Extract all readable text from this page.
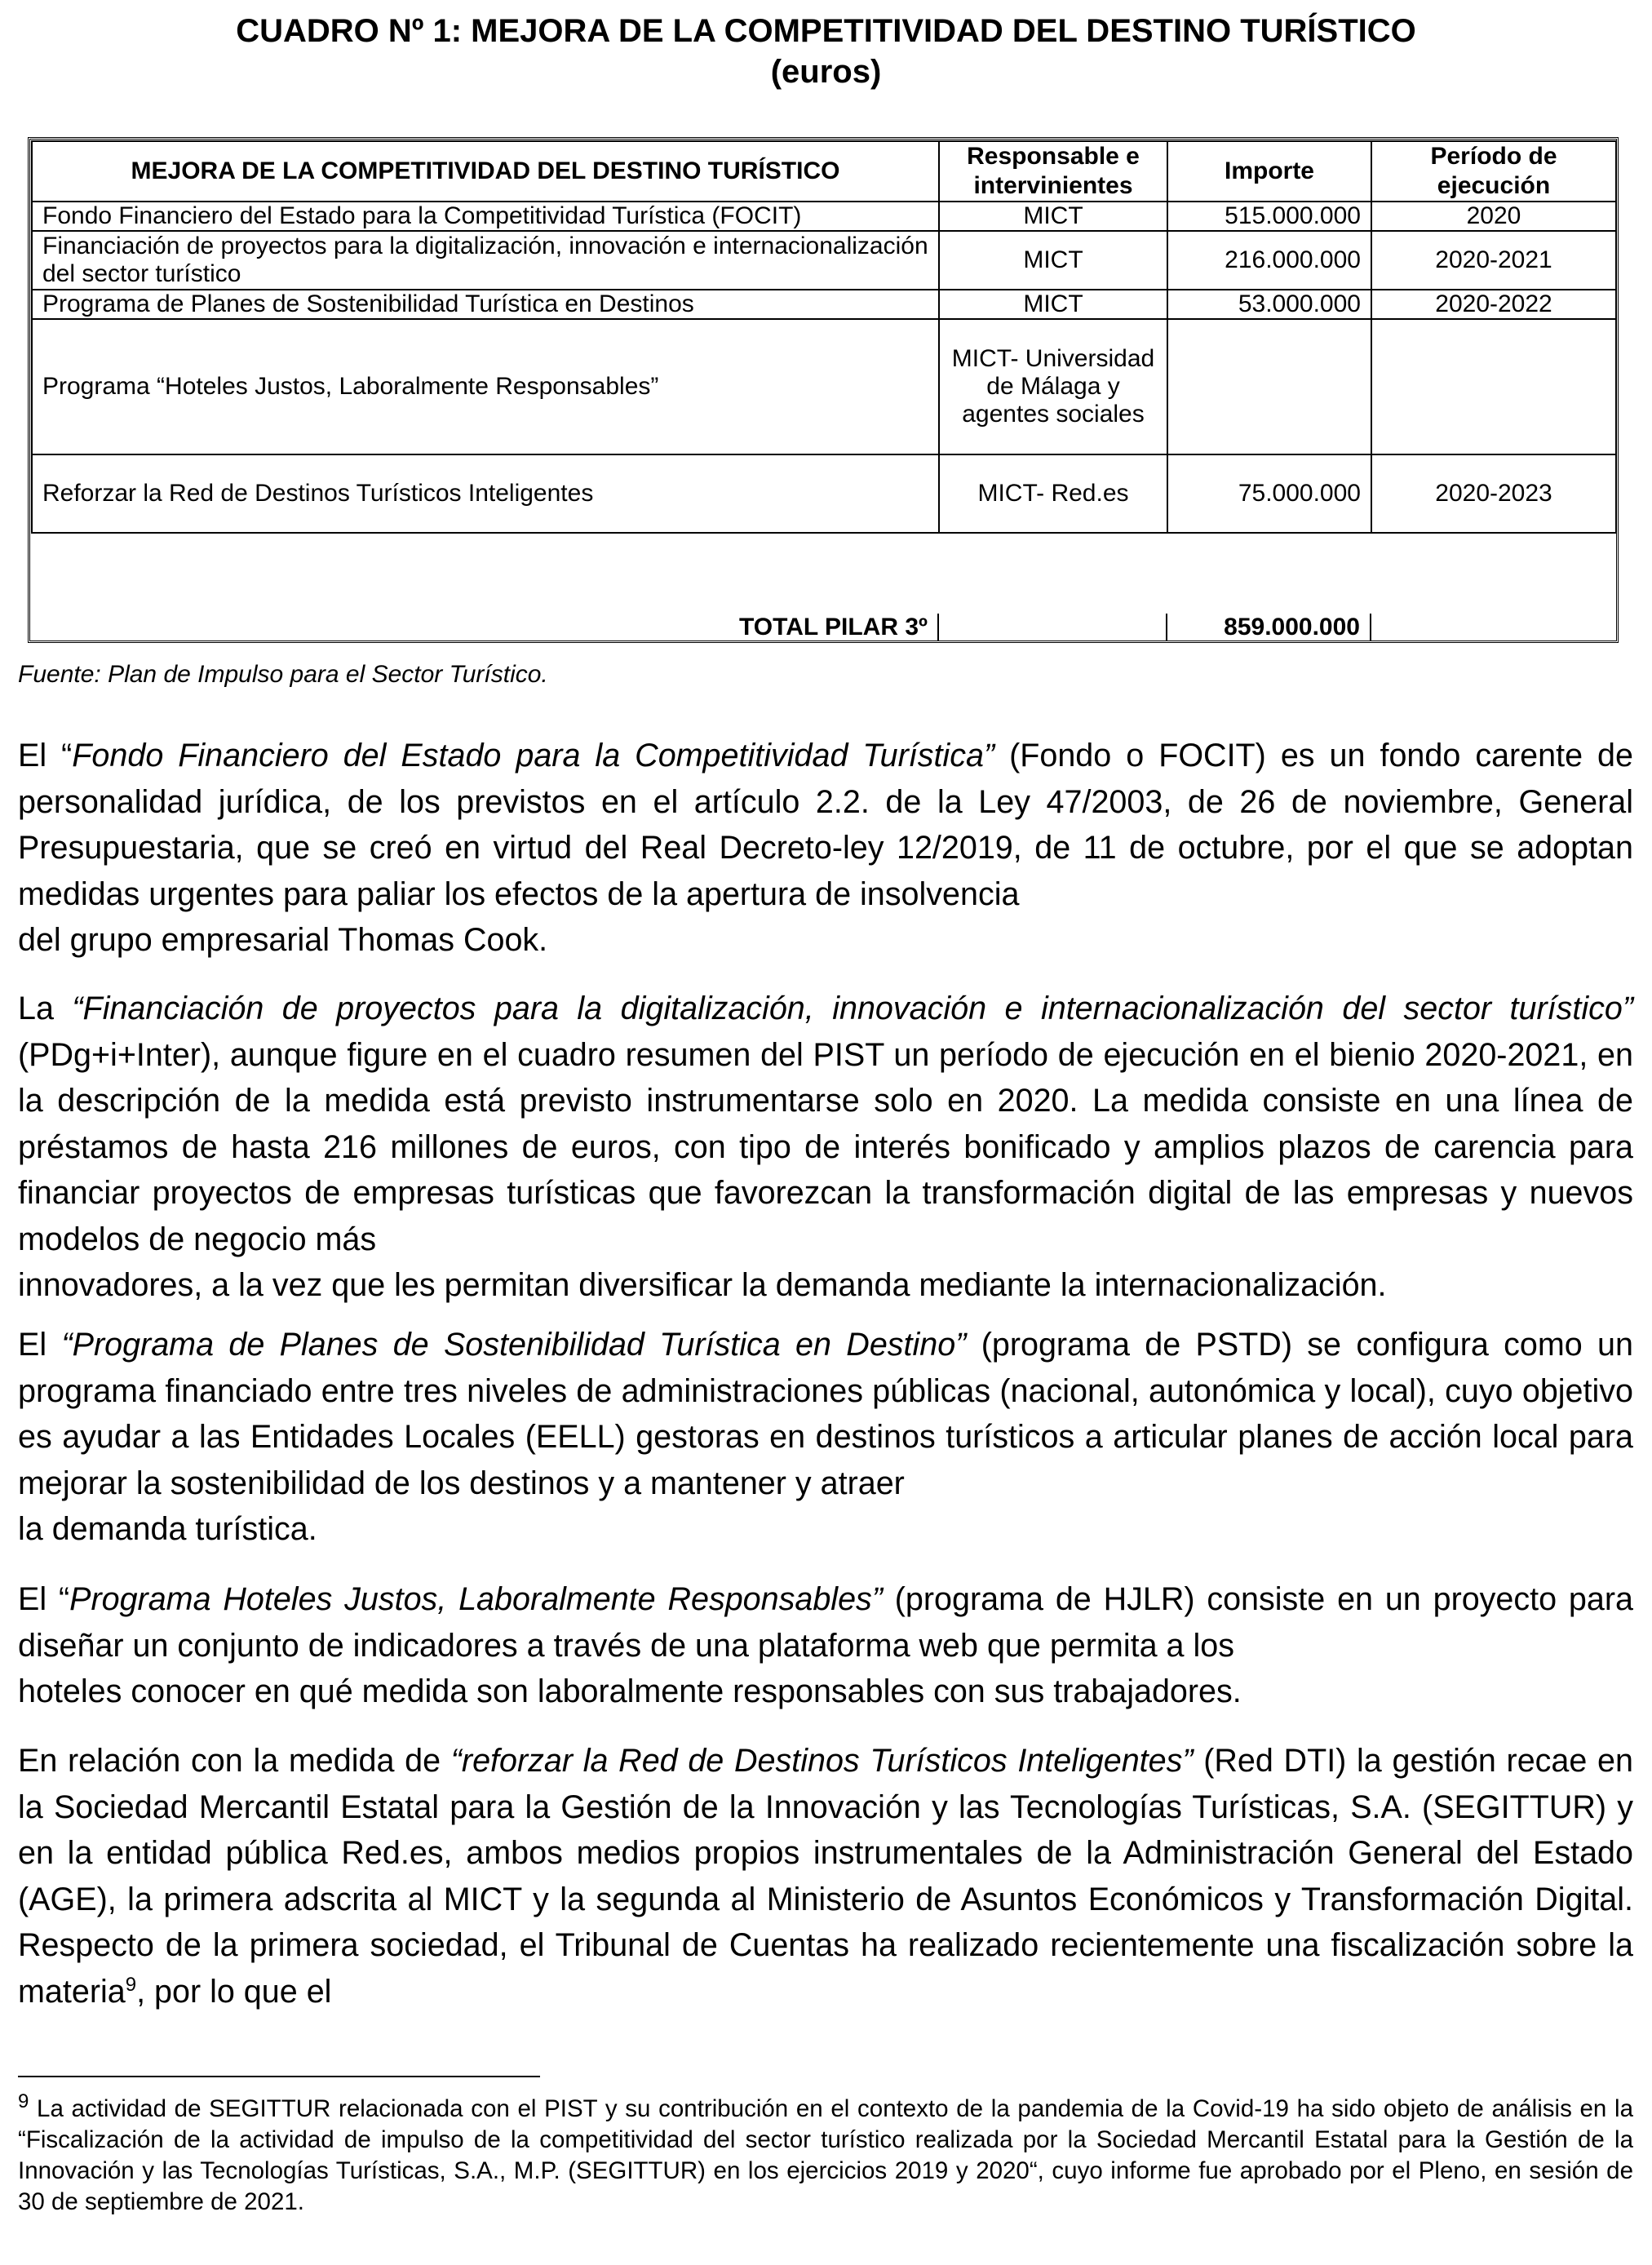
CUADRO Nº 1: MEJORA DE LA COMPETITIVIDAD DEL DESTINO TURÍSTICO
(euros)
MEJORA DE LA COMPETITIVIDAD DEL DESTINO TURÍSTICO	Responsable e intervinientes	Importe	Período de ejecución
Fondo Financiero del Estado para la Competitividad Turística (FOCIT)	MICT	515.000.000	2020
Financiación de proyectos para la digitalización, innovación e internacionalización del sector turístico	MICT	216.000.000	2020-2021
Programa de Planes de Sostenibilidad Turística en Destinos	MICT	53.000.000	2020-2022
Programa “Hoteles Justos, Laboralmente Responsables”	MICT- Universidad de Málaga y agentes sociales		
Reforzar la Red de Destinos Turísticos Inteligentes	MICT- Red.es	75.000.000	2020-2023
TOTAL PILAR 3º		859.000.000	
Fuente: Plan de Impulso para el Sector Turístico.

El “Fondo Financiero del Estado para la Competitividad Turística” (Fondo o FOCIT) es un fondo carente de personalidad jurídica, de los previstos en el artículo 2.2. de la Ley 47/2003, de 26 de noviembre, General Presupuestaria, que se creó en virtud del Real Decreto-ley 12/2019, de 11 de octubre, por el que se adoptan medidas urgentes para paliar los efectos de la apertura de insolvencia
del grupo empresarial Thomas Cook.

La “Financiación de proyectos para la digitalización, innovación e internacionalización del sector turístico” (PDg+i+Inter), aunque figure en el cuadro resumen del PIST un período de ejecución en el bienio 2020-2021, en la descripción de la medida está previsto instrumentarse solo en 2020. La medida consiste en una línea de préstamos de hasta 216 millones de euros, con tipo de interés bonificado y amplios plazos de carencia para financiar proyectos de empresas turísticas que favorezcan la transformación digital de las empresas y nuevos modelos de negocio más
innovadores, a la vez que les permitan diversificar la demanda mediante la internacionalización.

El “Programa de Planes de Sostenibilidad Turística en Destino” (programa de PSTD) se configura como un programa financiado entre tres niveles de administraciones públicas (nacional, autonómica y local), cuyo objetivo es ayudar a las Entidades Locales (EELL) gestoras en destinos turísticos a articular planes de acción local para mejorar la sostenibilidad de los destinos y a mantener y atraer
la demanda turística.

El “Programa Hoteles Justos, Laboralmente Responsables” (programa de HJLR) consiste en un proyecto para diseñar un conjunto de indicadores a través de una plataforma web que permita a los
hoteles conocer en qué medida son laboralmente responsables con sus trabajadores.

En relación con la medida de “reforzar la Red de Destinos Turísticos Inteligentes” (Red DTI) la gestión recae en la Sociedad Mercantil Estatal para la Gestión de la Innovación y las Tecnologías Turísticas, S.A. (SEGITTUR) y en la entidad pública Red.es, ambos medios propios instrumentales de la Administración General del Estado (AGE), la primera adscrita al MICT y la segunda al Ministerio de Asuntos Económicos y Transformación Digital. Respecto de la primera sociedad, el Tribunal de Cuentas ha realizado recientemente una fiscalización sobre la materia$^9$, por lo que el

$^9$ La actividad de SEGITTUR relacionada con el PIST y su contribución en el contexto de la pandemia de la Covid-19 ha sido objeto de análisis en la “Fiscalización de la actividad de impulso de la competitividad del sector turístico realizada por la Sociedad Mercantil Estatal para la Gestión de la Innovación y las Tecnologías Turísticas, S.A., M.P. (SEGITTUR) en los ejercicios 2019 y 2020“, cuyo informe fue aprobado por el Pleno, en sesión de 30 de septiembre de 2021.
